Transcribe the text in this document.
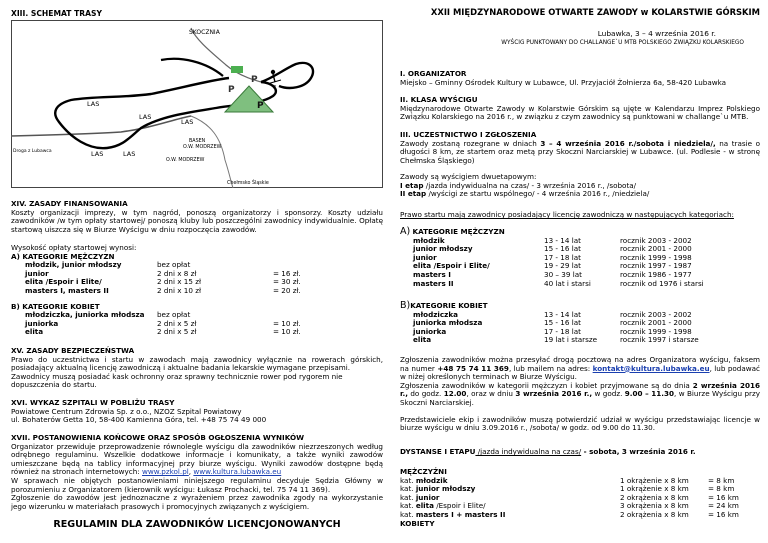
XIII. SCHEMAT TRASY
SKOCZNIA
P
P
P
LAS
LAS
LAS
LAS	LAS
Droga z Lubawca
BASEN
O.W. MODRZEW
O.W. MODRZEW
Chełmsko Śląskie
XIV. ZASADY FINANSOWANIA
Koszty organizacji imprezy, w tym nagród, ponoszą organizatorzy i sponsorzy. Koszty udziału zawodników /w tym opłaty startowej/ ponoszą kluby lub poszczególni zawodnicy indywidualnie. Opłatę startową uiszcza się w Biurze Wyścigu w dniu rozpoczęcia zawodów.
Wysokość opłaty startowej wynosi:
A) KATEGORIE MĘŻCZYZN
młodzik, junior młodszy
junior
elita /Espoir i Elite/
masters I, masters II
bez opłat
2 dni x 8 zł
2 dni x 15 zł
2 dni x 10 zł

= 16 zł.
= 30 zł.
= 20 zł.
B) KATEGORIE KOBIET
młodziczka, juniorka młodsza
juniorka
elita
bez opłat
2 dni x 5 zł
2 dni x 5 zł

= 10 zł.
= 10 zł.
XV. ZASADY BEZPIECZEŃSTWA
Prawo do uczestnictwa i startu w zawodach mają zawodnicy wyłącznie na rowerach górskich, posiadający aktualną licencję zawodniczą i aktualne badania lekarskie wymagane przepisami.
Zawodnicy muszą posiadać kask ochronny oraz sprawny technicznie rower pod rygorem nie dopuszczenia do startu.
XVI. WYKAZ SZPITALI W POBLIŻU TRASY
Powiatowe Centrum Zdrowia Sp. z o.o., NZOZ Szpital Powiatowy
ul. Bohaterów Getta 10, 58-400 Kamienna Góra, tel. +48 75 74 49 000
XVII. POSTANOWIENIA KOŃCOWE ORAZ SPOSÓB OGŁOSZENIA WYNIKÓW
Organizator przewiduje przeprowadzenie równolegle wyścigu dla zawodników niezrzeszonych według odrębnego regulaminu. Wszelkie dodatkowe informacje i komunikaty, a także wyniki zawodów umieszczane będą na tablicy informacyjnej przy biurze wyścigu. Wyniki zawodów dostępne będą również na stronach internetowych: www.pzkol.pl, www.kultura.lubawka.eu
W sprawach nie objętych postanowieniami niniejszego regulaminu decyduje Sędzia Główny w porozumieniu z Organizatorem (kierownik wyścigu: Łukasz Prochacki, tel. 75 74 11 369).
Zgłoszenie do zawodów jest jednoznaczne z wyrażeniem przez zawodnika zgody na wykorzystanie jego wizerunku w materiałach prasowych i promocyjnych związanych z wyścigiem.
REGULAMIN DLA ZAWODNIKÓW LICENCJONOWANYCH
XXII MIĘDZYNARODOWE OTWARTE ZAWODY w KOLARSTWIE GÓRSKIM
Lubawka, 3 – 4 września 2016 r.
WYŚCIG PUNKTOWANY DO CHALLANGE`U MTB POLSKIEGO ZWIĄZKU KOLARSKIEGO
I. ORGANIZATOR
Miejsko – Gminny Ośrodek Kultury w Lubawce, Ul. Przyjaciół Żołnierza 6a, 58-420 Lubawka
II. KLASA WYŚCIGU
Międzynarodowe Otwarte Zawody w Kolarstwie Górskim są ujęte w Kalendarzu Imprez Polskiego Związku Kolarskiego na 2016 r., w związku z czym zawodnicy są punktowani w challange`u MTB.
III. UCZESTNICTWO I ZGŁOSZENIA
Zawody zostaną rozegrane w dniach 3 – 4 września 2016 r./sobota i niedziela/, na trasie o długości 8 km, ze startem oraz metą przy Skoczni Narciarskiej w Lubawce. (ul. Podlesie - w stronę Chełmska Śląskiego)
Zawody są wyścigiem dwuetapowym:
I etap /jazda indywidualna na czas/ - 3 września 2016 r., /sobota/
II etap /wyścigi ze startu wspólnego/ - 4 września 2016 r., /niedziela/
Prawo startu mają zawodnicy posiadający licencję zawodniczą w następujących kategoriach:
A) KATEGORIE MĘŻCZYZN
młodzik
junior młodszy
junior
elita /Espoir i Elite/
masters I
masters II
13 - 14 lat
15 - 16 lat
17 - 18 lat
19 - 29 lat
30 – 39 lat
40 lat i starsi
rocznik 2003 - 2002
rocznik 2001 - 2000
rocznik 1999 - 1998
rocznik 1997 - 1987
rocznik 1986 - 1977
rocznik od 1976 i starsi
B)KATEGORIE KOBIET
młodziczka
juniorka młodsza
juniorka
elita
13 - 14 lat
15 - 16 lat
17 - 18 lat
19 lat i starsze
rocznik 2003 - 2002
rocznik 2001 - 2000
rocznik 1999 - 1998
rocznik 1997 i starsze
Zgłoszenia zawodników można przesyłać drogą pocztową na adres Organizatora wyścigu, faksem na numer +48 75 74 11 369, lub mailem na adres: kontakt@kultura.lubawka.eu, lub podawać w niżej określonych terminach w Biurze Wyścigu.
Zgłoszenia zawodników w kategorii mężczyzn i kobiet przyjmowane są do dnia 2 września 2016 r., do godz. 12.00, oraz w dniu 3 września 2016 r., w godz. 9.00 – 11.30, w Biurze Wyścigu przy Skoczni Narciarskiej.
Przedstawiciele ekip i zawodników muszą potwierdzić udział w wyścigu przedstawiając licencje w biurze wyścigu w dniu 3.09.2016 r., /sobota/ w godz. od 9.00 do 11.30.
DYSTANSE I ETAPU /jazda indywidualna na czas/ - sobota, 3 września 2016 r.
MĘŻCZYŹNI
kat. młodzik
kat. junior młodszy
kat. junior
kat. elita /Espoir i Elite/
kat. masters I + masters II
1 okrążenie x 8 km
1 okrążenie x 8 km
2 okrążenia x 8 km
3 okrążenia x 8 km
2 okrążenia x 8 km
= 8 km
= 8 km
= 16 km
= 24 km
= 16 km
KOBIETY
